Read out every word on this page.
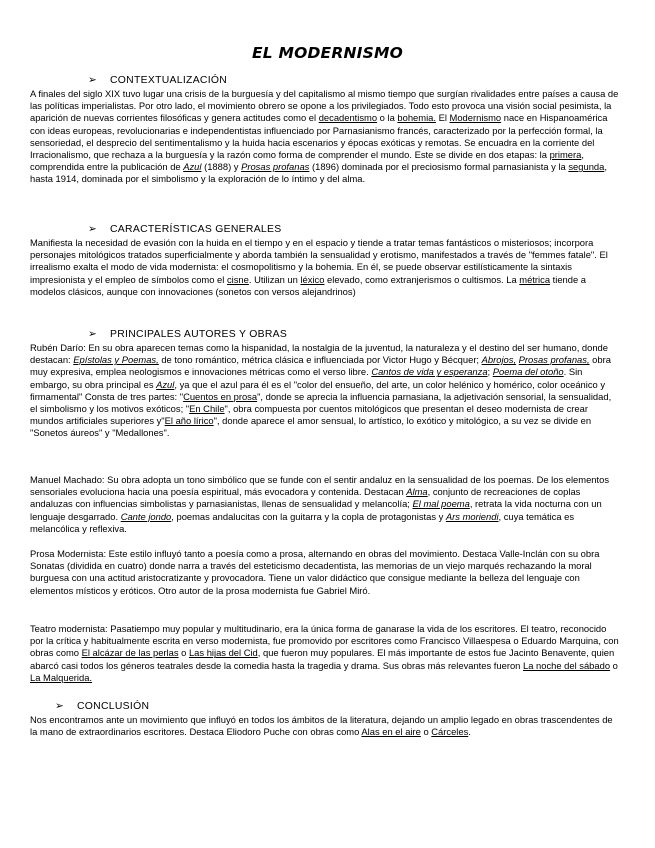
EL MODERNISMO
➢ CONTEXTUALIZACIÓN

A finales del siglo XIX tuvo lugar una crisis de la burguesía y del capitalismo al mismo tiempo que surgían rivalidades entre países a causa de las políticas imperialistas. Por otro lado, el movimiento obrero se opone a los privilegiados. Todo esto provoca una visión social pesimista, la aparición de nuevas corrientes filosóficas y genera actitudes como el decadentismo o la bohemia. El Modernismo nace en Hispanoamérica con ideas europeas, revolucionarias e independentistas influenciado por Parnasianismo francés, caracterizado por la perfección formal, la sensoriedad, el desprecio del sentimentalismo y la huida hacia escenarios y épocas exóticas y remotas. Se encuadra en la corriente del Irracionalismo, que rechaza a la burguesía y la razón como forma de comprender el mundo. Este se divide en dos etapas: la primera, comprendida entre la publicación de Azul (1888) y Prosas profanas (1896) dominada por el preciosismo formal parnasianista y la segunda, hasta 1914, dominada por el simbolismo y la exploración de lo íntimo y del alma.

➢ CARACTERÍSTICAS GENERALES

Manifiesta la necesidad de evasión con la huida en el tiempo y en el espacio y tiende a tratar temas fantásticos o misteriosos; incorpora personajes mitológicos tratados superficialmente y aborda también la sensualidad y erotismo, manifestados a través de "femmes fatale". El irrealismo exalta el modo de vida modernista: el cosmopolitismo y la bohemia. En él, se puede observar estilísticamente la sintaxis impresionista y el empleo de símbolos como el cisne. Utilizan un léxico elevado, como extranjerismos o cultismos. La métrica tiende a modelos clásicos, aunque con innovaciones (sonetos con versos alejandrinos)

➢ PRINCIPALES AUTORES Y OBRAS

Rubén Darío: En su obra aparecen temas como la hispanidad, la nostalgia de la juventud, la naturaleza y el destino del ser humano, donde destacan: Epístolas y Poemas, de tono romántico, métrica clásica e influenciada por Victor Hugo y Bécquer; Abrojos, Prosas profanas, obra muy expresiva, emplea neologismos e innovaciones métricas como el verso libre. Cantos de vida y esperanza; Poema del otoño. Sin embargo, su obra principal es Azul, ya que el azul para él es el "color del ensueño, del arte, un color helénico y homérico, color oceánico y firmamental" Consta de tres partes: "Cuentos en prosa", donde se aprecia la influencia parnasiana, la adjetivación sensorial, la sensualidad, el simbolismo y los motivos exóticos; "En Chile", obra compuesta por cuentos mitológicos que presentan el deseo modernista de crear mundos artificiales superiores y"El año lírico", donde aparece el amor sensual, lo artístico, lo exótico y mitológico, a su vez se divide en "Sonetos áureos" y "Medallones".

Manuel Machado: Su obra adopta un tono simbólico que se funde con el sentir andaluz en la sensualidad de los poemas. De los elementos sensoriales evoluciona hacia una poesía espiritual, más evocadora y contenida. Destacan Alma, conjunto de recreaciones de coplas andaluzas con influencias simbolistas y parnasianistas, llenas de sensualidad y melancolía; El mal poema, retrata la vida nocturna con un lenguaje desgarrado. Cante jondo, poemas andalucitas con la guitarra y la copla de protagonistas y Ars moriendi, cuya temática es melancólica y reflexiva.

Prosa Modernista: Este estilo influyó tanto a poesía como a prosa, alternando en obras del movimiento. Destaca Valle-Inclán con su obra Sonatas (dividida en cuatro) donde narra a través del esteticismo decadentista, las memorias de un viejo marqués rechazando la moral burguesa con una actitud aristocratizante y provocadora. Tiene un valor didáctico que consigue mediante la belleza del lenguaje con elementos místicos y eróticos. Otro autor de la prosa modernista fue Gabriel Miró.

Teatro modernista: Pasatiempo muy popular y multitudinario, era la única forma de ganarase la vida de los escritores. El teatro, reconocido por la crítica y habitualmente escrita en verso modernista, fue promovido por escritores como Francisco Villaespesa o Eduardo Marquina, con obras como El alcázar de las perlas o Las hijas del Cid, que fueron muy populares. El más importante de estos fue Jacinto Benavente, quien abarcó casi todos los géneros teatrales desde la comedia hasta la tragedia y drama. Sus obras más relevantes fueron La noche del sábado o La Malquerida.

➢ CONCLUSIÓN

Nos encontramos ante un movimiento que influyó en todos los ámbitos de la literatura, dejando un amplio legado en obras trascendentes de la mano de extraordinarios escritores. Destaca Eliodoro Puche con obras como Alas en el aire o Cárceles.
